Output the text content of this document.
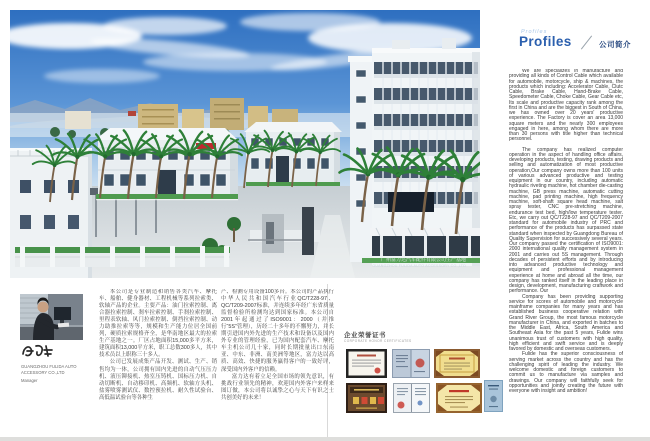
广州富力达汽车配件有限公司生产基地
GUANGZHOU FULIDA AUTO ACCESSORY CO.,LTD
GUANGZHOU FULIDA AUTO
ACCESSORY CO.,LTD
Manager

本公司是专业制造和销售各类汽车、摩托车、船舶、健身器材、工程机械等系列拉索类、软轴产品的企业。主要产品：油门拉索控制、离合器拉索控制、刹车拉索控制、手刹拉索控制、里程表软轴、风门拉索控制、倒挡拉索控制、动力助推拉索等等，规模和生产能力位居全国前列，硬质拉索规格齐全，是华南地区最大的拉索生产基地之一。厂区占地面积15,000多平方米，建筑面积13,000平方米，职工总数300多人，其中技术员以上职称三十多人。

公司已发展成集产品开发、测试、生产、销售均为一体，公司拥有国内先进的自动气压压力机、液压铆接机、热室压铸机、国标压力机、自动切断机、自动移印机、高频机、软轴方头机、盐雾喷雾测试仪、数控预拉机、耐久性试验台、高低温试验台等各种生

产、检测专用设备100多台。本公司的产品执行中华人民共和国汽车行业QC/T228-97、QC/T209-2007标准，并连续多年经广东省质量监督检验所检测均达到国家标准。本公司自2001年起通过了ISO9001：2000（并推行“5S”管理），历经二十多年的不懈努力，并长期引进国内外先进的生产技术和设备以及国内外专业的管理经验，已为国内配套汽车、摩托车主机公司几十家，同时长期批量出口东南亚、中东、非洲、南美洲等地区，富力达以高质、高效、快捷的服务赢得客户的一致好评，深受国内外客户的信赖。

富力达有着立足全国市场的领先意识，有挑战行业领先的精神，欢迎国内外客户来样来图订做，本公司将以诚挚之心与天下有识之士共创美好的未来！

Profiles
Profiles	公司简介

We are specializes in manufacture and providing all kinds of Control Cable which available for automobile, motorcycle, ship & machines, the products which including: Accelerator Cable, Clutc Cable, Brake Cable, Hand-Brake Cable, Speedometer Cable, Choke Cable, Gear Cable etc, Its scale and productive capacity rank among the first in China and are the biggest in South of China, we has owned over 20 years' productive experience. The Factory is cover an area 13,000 square meters and the nearly 300 employees engaged in here, among whom there are more than 30 persons with title higher than technical personnel.

The company has realized computer operation in the aspect of handling office affairs, developing products, testing, drawing products and selling and automatization of most productive operation,Our company owns more than 100 units of various advanced productive and testing equipment in our country, including automatic hydraulic riveting machine, hot chamber die-casting machine, GB press machine, automatic cutting machine, pad printing machine, high frequency machine, soft-shaft square head machine, salt spray tester, CNC pre-stretching machine, endurance test bed, high/low temperature tester. Etc, we carry out QC/T228-97 and QC/T209-2007 standard for automobile industry of PRC and performance of the products has surpassed state standard when inspected by Guangdong Bureau of Quality Supervision for successively several years. Our company passed the certification of ISO9001: 2000 international quality management system in 2001 and carries out 5S management. Through decades of persistent efforts and by introducing into advanced productive technology and equipment and professional management experience at home and abroad all the time, our company has ranked itself in the leading place in design, development, manufacturing craftwork and performance. Our

Company has been providing supporting service for scores of automobile and motorcycle mainframe companies for many years and has established business cooperative relation with Grand River Group, the most famous motorcycle manufacturer in China, and exported in batches to the Middle East, Africa, South America and Southeast Asia for the past 5 years, Fulide wins unanimous trust of customers with high quality, high efficient and swift service and is deeply favored by domestic and overseas customers.

Fulide has the superior consciousness of serving market across the country and has the challenging spirit of leading the industry. We welcome domestic and foreign customers to commit us to manufacture via samples and drawings. Our company will faithfully seek for opportunities and jointly creating the future with everyone with insight and ambition!

企业荣誉证书
CORPORATE HONOR CERTIFICATES
